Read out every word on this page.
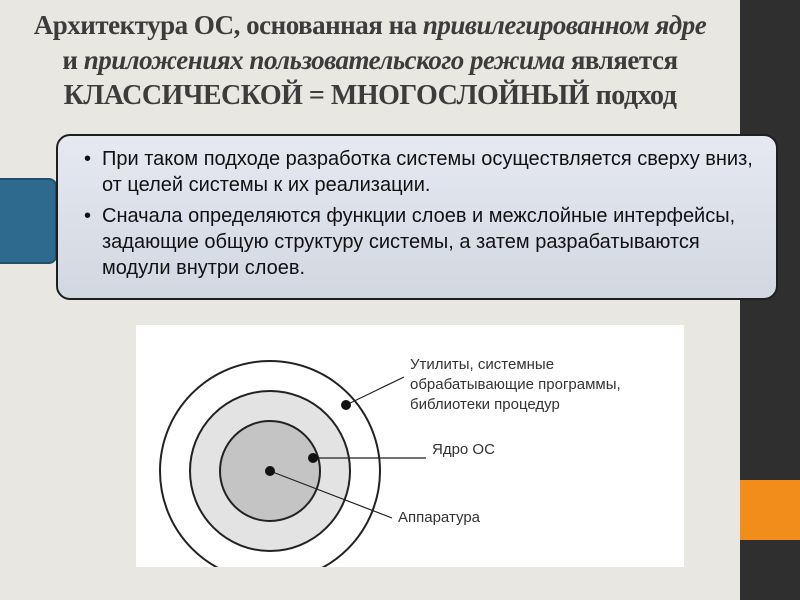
Архитектура ОС, основанная на привилегированном ядре
и приложениях пользовательского режима является
КЛАССИЧЕСКОЙ = МНОГОСЛОЙНЫЙ подход
• При таком подходе разработка системы осуществляется сверху вниз, от целей системы к их реализации.
• Сначала определяются функции слоев и межслойные интерфейсы, задающие общую структуру системы, а затем разрабатываются модули внутри слоев.
Утилиты, системные
обрабатывающие программы,
библиотеки процедур
Ядро ОС
Аппаратура
